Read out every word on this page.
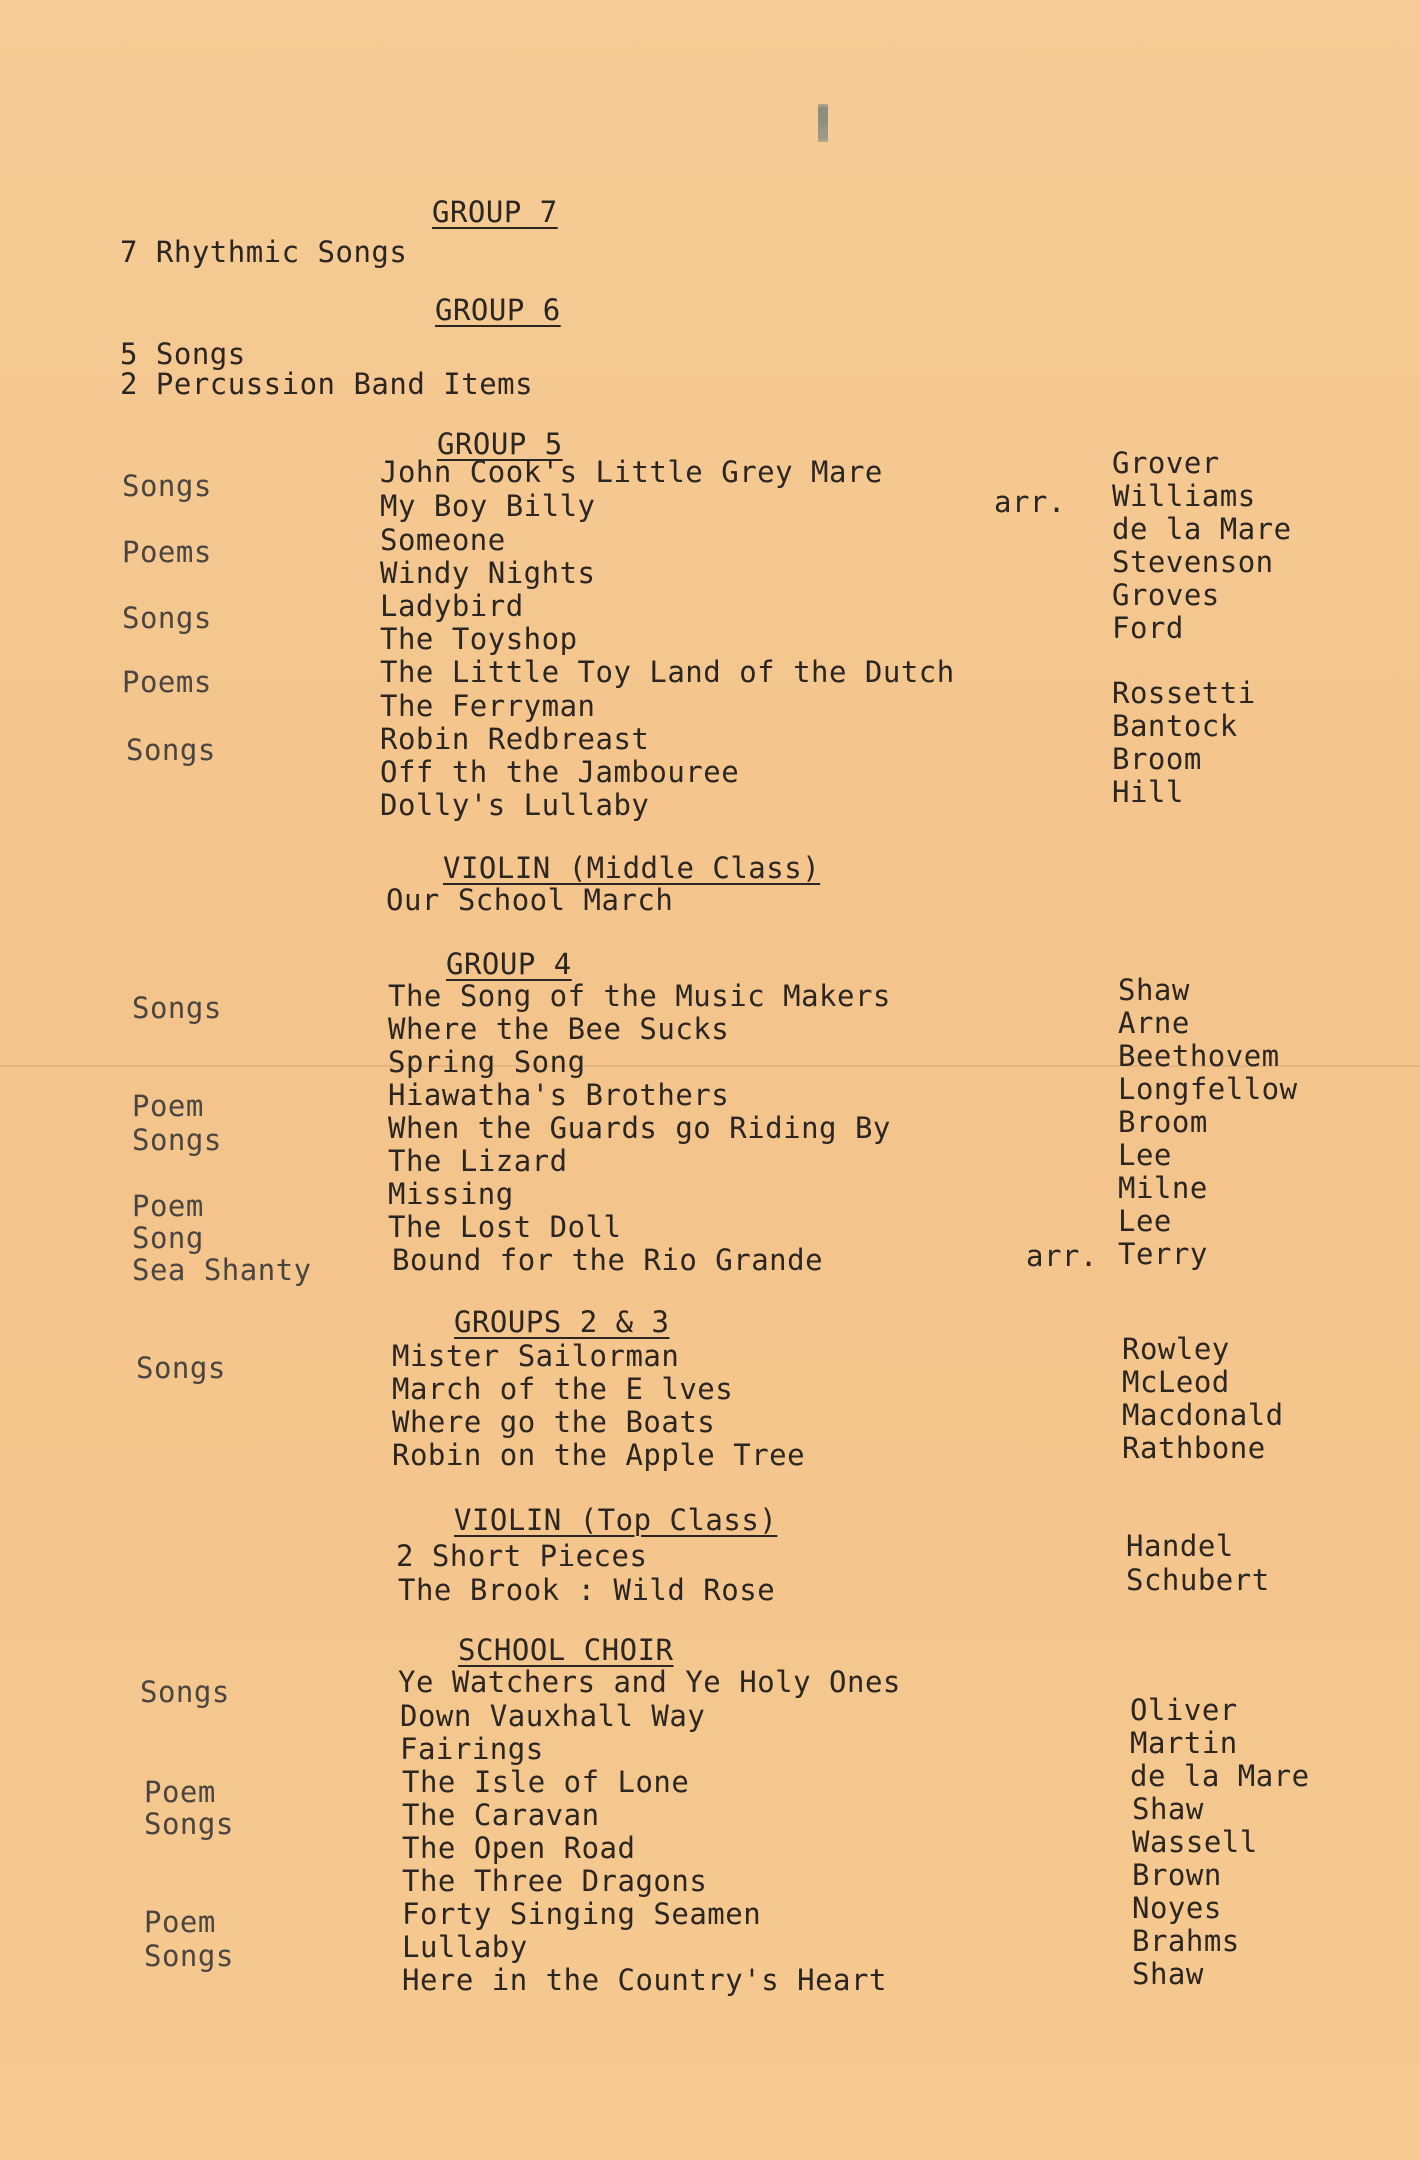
GROUP 7
7 Rhythmic Songs
GROUP 6
5 Songs
2 Percussion Band Items
GROUP 5
Songs
Poems
Songs
Poems
Songs
John Cook's Little Grey Mare
My Boy Billy
Someone
Windy Nights
Ladybird
The Toyshop
The Little Toy Land of the Dutch
The Ferryman
Robin Redbreast
Off th the Jambouree
Dolly's Lullaby
arr.
Grover
Williams
de la Mare
Stevenson
Groves
Ford
Rossetti
Bantock
Broom
Hill
VIOLIN (Middle Class)
Our School March
GROUP 4
Songs
Poem
Songs
Poem
Song
Sea Shanty
The Song of the Music Makers
Where the Bee Sucks
Spring Song
Hiawatha's Brothers
When the Guards go Riding By
The Lizard
Missing
The Lost Doll
Bound for the Rio Grande	arr.
Shaw
Arne
Beethovem
Longfellow
Broom
Lee
Milne
Lee
Terry
GROUPS 2 & 3
Songs	Mister Sailorman
March of the E lves
Where go the Boats
Robin on the Apple Tree
Rowley
McLeod
Macdonald
Rathbone
VIOLIN (Top Class)
2 Short Pieces
The Brook : Wild Rose
Handel
Schubert
SCHOOL CHOIR
Songs
Poem
Songs
Poem
Songs
Ye Watchers and Ye Holy Ones
Down Vauxhall Way
Fairings
The Isle of Lone
The Caravan
The Open Road
The Three Dragons
Forty Singing Seamen
Lullaby
Here in the Country's Heart
Oliver
Martin
de la Mare
Shaw
Wassell
Brown
Noyes
Brahms
Shaw
